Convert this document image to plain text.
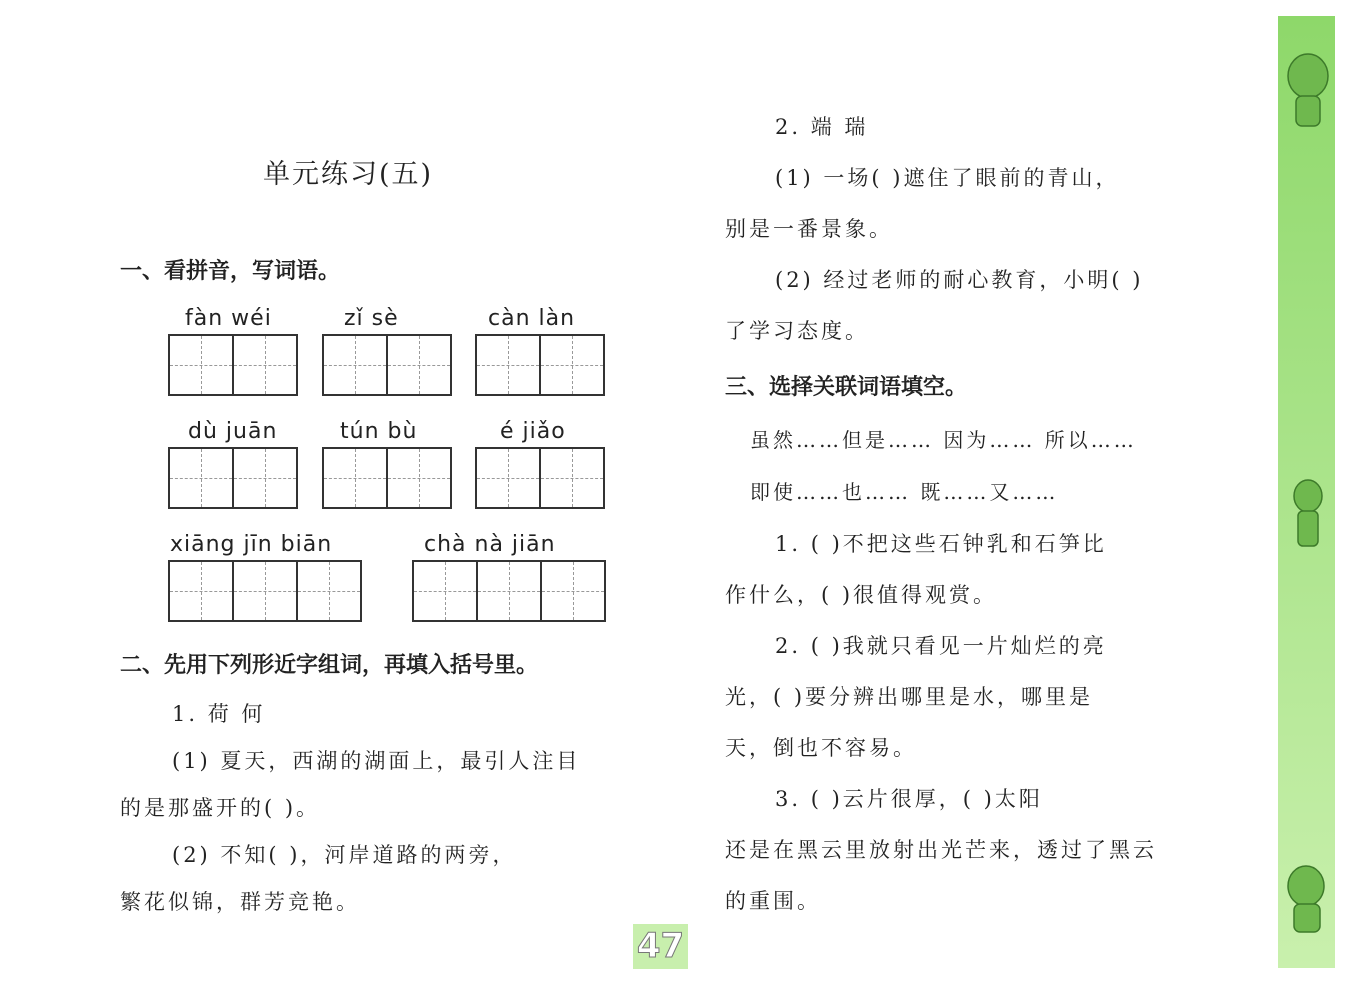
单元练习(五)
一、看拼音，写词语。
fàn wéi	zǐ sè	càn làn
dù juān	tún bù	é jiǎo
xiāng jīn biān	chà nà jiān
二、先用下列形近字组词，再填入括号里。
1. 荷 何
(1) 夏天，西湖的湖面上，最引人注目
的是那盛开的( )。
(2) 不知( )，河岸道路的两旁，
繁花似锦，群芳竞艳。
2. 端 瑞
(1) 一场( )遮住了眼前的青山，
别是一番景象。
(2) 经过老师的耐心教育，小明( )
了学习态度。
三、选择关联词语填空。
虽然……但是…… 因为…… 所以……
即使……也…… 既……又……
1. ( )不把这些石钟乳和石笋比
作什么，( )很值得观赏。
2. ( )我就只看见一片灿烂的亮
光，( )要分辨出哪里是水，哪里是
天，倒也不容易。
3. ( )云片很厚，( )太阳
还是在黑云里放射出光芒来，透过了黑云
的重围。
47
